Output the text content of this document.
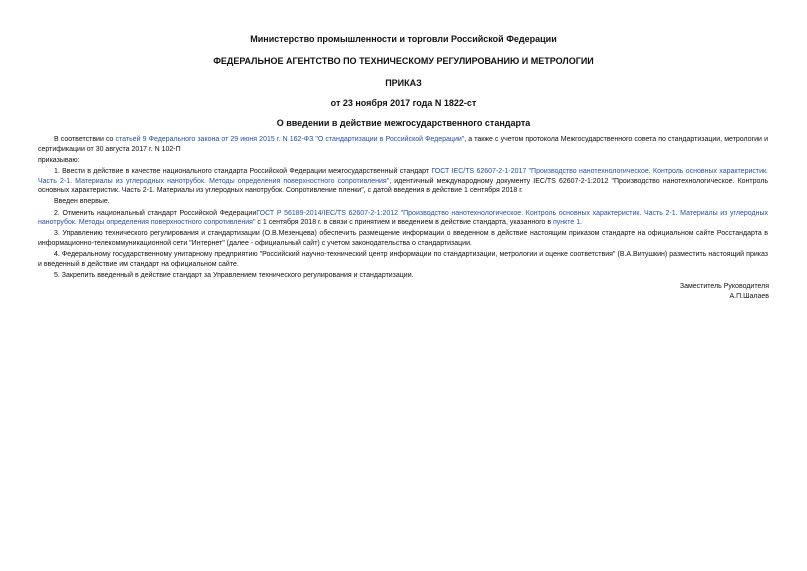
Министерство промышленности и торговли Российской Федерации
ФЕДЕРАЛЬНОЕ АГЕНТСТВО ПО ТЕХНИЧЕСКОМУ РЕГУЛИРОВАНИЮ И МЕТРОЛОГИИ
ПРИКАЗ
от 23 ноября 2017 года N 1822-ст
О введении в действие межгосударственного стандарта

В соответствии со статьей 9 Федерального закона от 29 июня 2015 г. N 162-ФЗ "О стандартизации в Российской Федерации", а также с учетом протокола Межгосударственного совета по стандартизации, метрологии и сертификации от 30 августа 2017 г. N 102-П

приказываю:

1. Ввести в действие в качестве национального стандарта Российской Федерации межгосударственный стандарт ГОСТ IEC/TS 62607-2-1-2017 "Производство нанотехнологическое. Контроль основных характеристик. Часть 2-1. Материалы из углеродных нанотрубок. Методы определения поверхностного сопротивления", идентичный международному документу IEC/TS 62607-2-1:2012 "Производство нанотехнологическое. Контроль основных характеристик. Часть 2-1. Материалы из углеродных нанотрубок. Сопротивление пленки", с датой введения в действие 1 сентября 2018 г.

Введен впервые.

2. Отменить национальный стандарт Российской ФедерацииГОСТ Р 56189-2014/IEC/TS 62607-2-1:2012 "Производство нанотехнологическое. Контроль основных характеристик. Часть 2-1. Материалы из углеродных нанотрубок. Методы определения поверхностного сопротивления" с 1 сентября 2018 г. в связи с принятием и введением в действие стандарта, указанного в пункте 1.

3. Управлению технического регулирования и стандартизации (О.В.Мезенцева) обеспечить размещение информации о введенном в действие настоящим приказом стандарте на официальном сайте Росстандарта в информационно-телекоммуникационной сети "Интернет" (далее - официальный сайт) с учетом законодательства о стандартизации.

4. Федеральному государственному унитарному предприятию "Российский научно-технический центр информации по стандартизации, метрологии и оценке соответствия" (В.А.Витушкин) разместить настоящий приказ и введенный в действие им стандарт на официальном сайте.

5. Закрепить введенный в действие стандарт за Управлением технического регулирования и стандартизации.

Заместитель Руководителя
А.П.Шалаев
